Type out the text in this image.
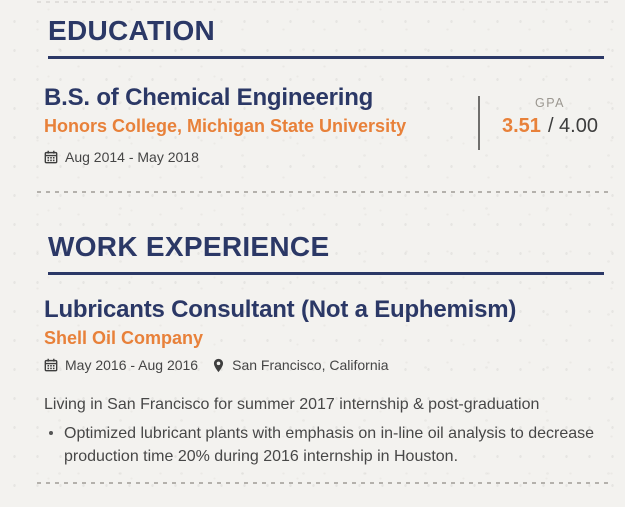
EDUCATION
B.S. of Chemical Engineering
Honors College, Michigan State University
Aug 2014 - May 2018
GPA
3.51 / 4.00
WORK EXPERIENCE
Lubricants Consultant (Not a Euphemism)
Shell Oil Company
May 2016 - Aug 2016 San Francisco, California
Living in San Francisco for summer 2017 internship & post-graduation
Optimized lubricant plants with emphasis on in-line oil analysis to decrease production time 20% during 2016 internship in Houston.
